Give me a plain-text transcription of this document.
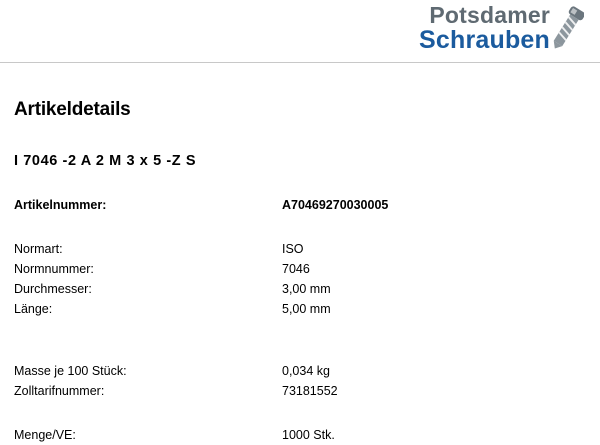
Potsdamer
Schrauben
Artikeldetails
I 7046 -2 A 2 M 3 x 5 -Z S
Artikelnummer:	A70469270030005

Normart:	ISO
Normnummer:	7046
Durchmesser:	3,00 mm
Länge:	5,00 mm

Masse je 100 Stück:	0,034 kg
Zolltarifnummer:	73181552

Menge/VE:	1000 Stk.
